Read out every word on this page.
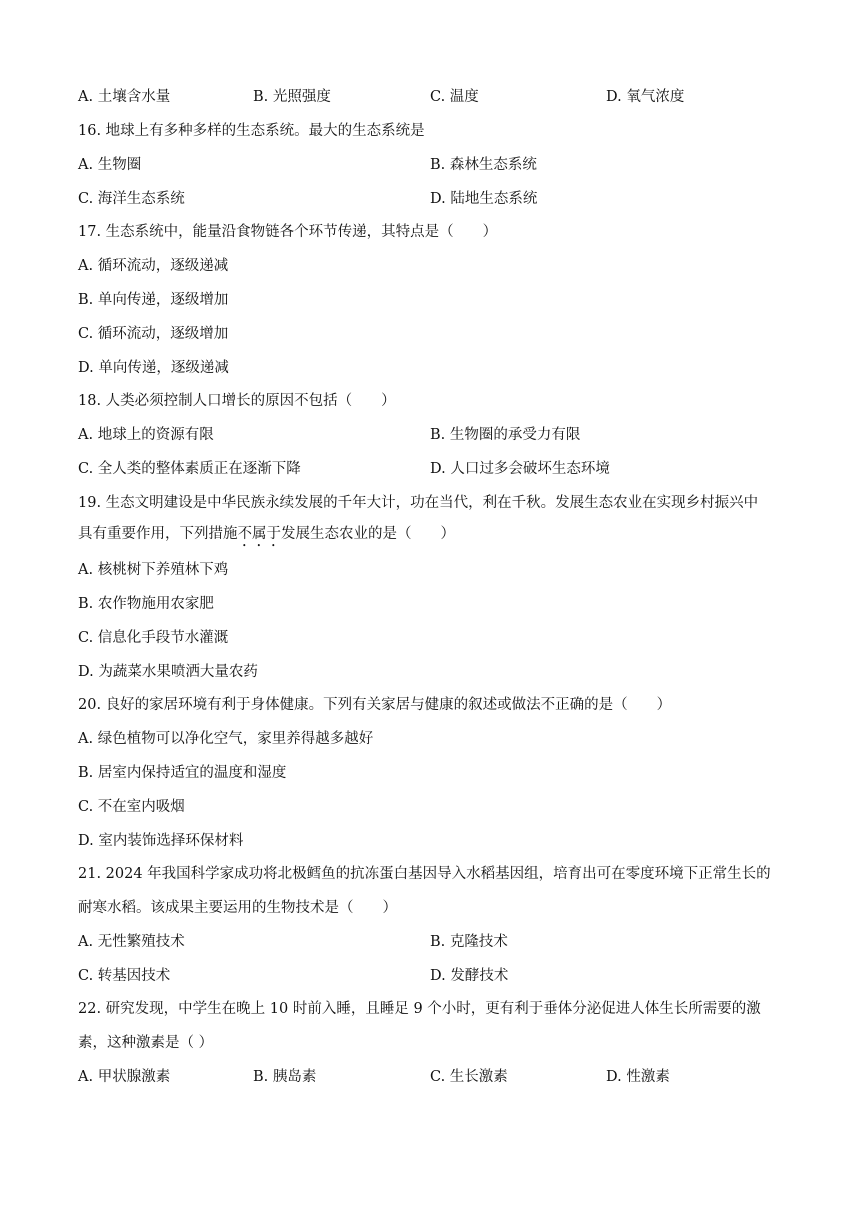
A. 土壤含水量	B. 光照强度	C. 温度	D. 氧气浓度
16. 地球上有多种多样的生态系统。最大的生态系统是
A. 生物圈	B. 森林生态系统
C. 海洋生态系统	D. 陆地生态系统
17. 生态系统中，能量沿食物链各个环节传递，其特点是（　　）
A. 循环流动，逐级递减
B. 单向传递，逐级增加
C. 循环流动，逐级增加
D. 单向传递，逐级递减
18. 人类必须控制人口增长的原因不包括（　　）
A. 地球上的资源有限	B. 生物圈的承受力有限
C. 全人类的整体素质正在逐渐下降	D. 人口过多会破坏生态环境
19. 生态文明建设是中华民族永续发展的千年大计，功在当代，利在千秋。发展生态农业在实现乡村振兴中
具有重要作用，下列措施不属于发展生态农业的是（　　）
A. 核桃树下养殖林下鸡
B. 农作物施用农家肥
C. 信息化手段节水灌溉
D. 为蔬菜水果喷洒大量农药
20. 良好的家居环境有利于身体健康。下列有关家居与健康的叙述或做法不正确的是（　　）
A. 绿色植物可以净化空气，家里养得越多越好
B. 居室内保持适宜的温度和湿度
C. 不在室内吸烟
D. 室内装饰选择环保材料
21. 2024 年我国科学家成功将北极鳕鱼的抗冻蛋白基因导入水稻基因组，培育出可在零度环境下正常生长的
耐寒水稻。该成果主要运用的生物技术是（　　）
A. 无性繁殖技术	B. 克隆技术
C. 转基因技术	D. 发酵技术
22. 研究发现，中学生在晚上 10 时前入睡，且睡足 9 个小时，更有利于垂体分泌促进人体生长所需要的激
素，这种激素是（ ）
A. 甲状腺激素	B. 胰岛素	C. 生长激素	D. 性激素
